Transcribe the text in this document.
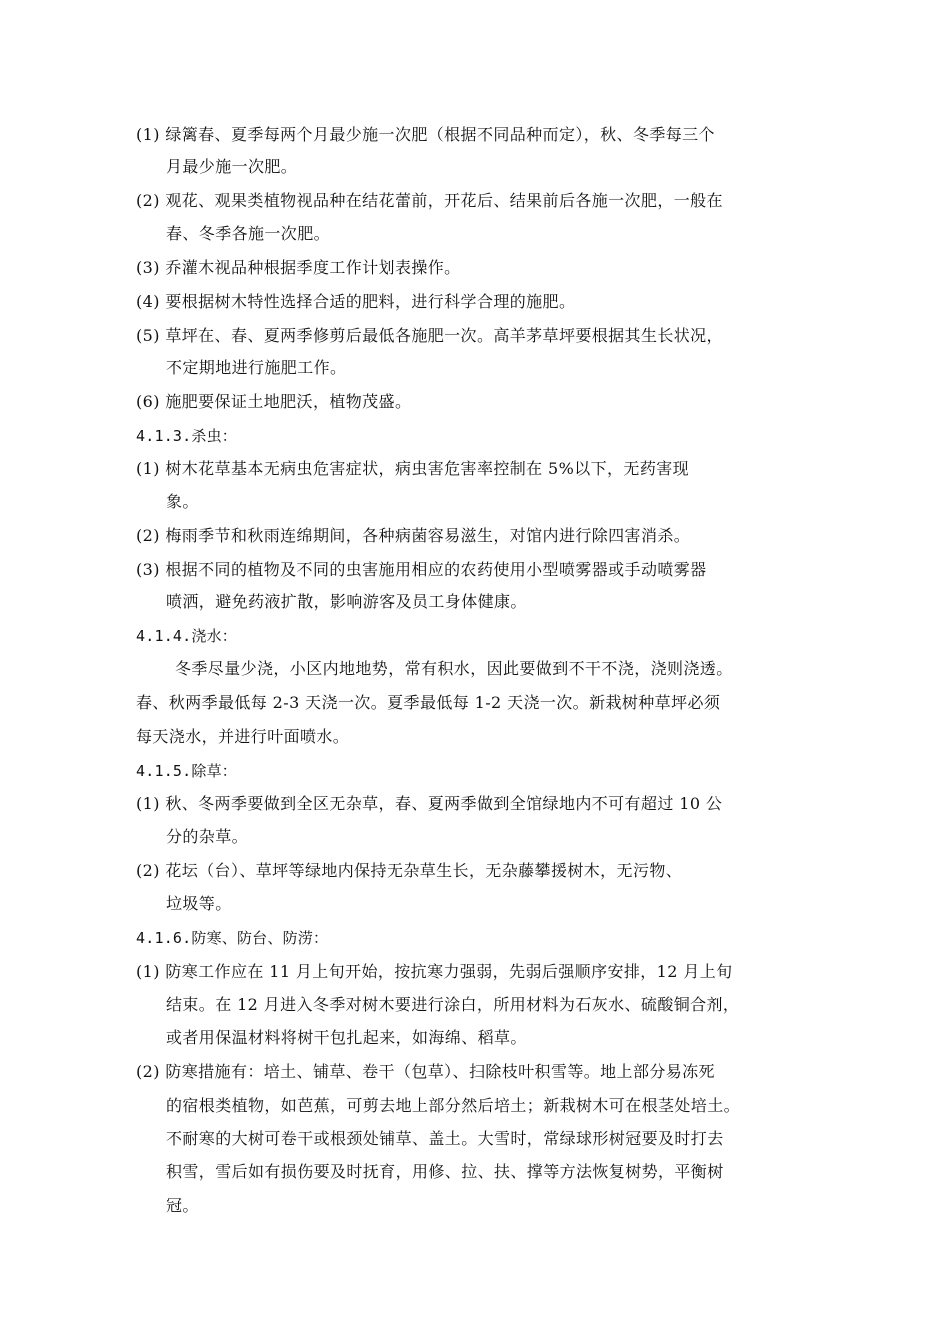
(1) 绿篱春、夏季每两个月最少施一次肥（根据不同品种而定），秋、冬季每三个
月最少施一次肥。
(2) 观花、观果类植物视品种在结花蕾前，开花后、结果前后各施一次肥，一般在
春、冬季各施一次肥。
(3) 乔灌木视品种根据季度工作计划表操作。
(4) 要根据树木特性选择合适的肥料，进行科学合理的施肥。
(5) 草坪在、春、夏两季修剪后最低各施肥一次。高羊茅草坪要根据其生长状况，
不定期地进行施肥工作。
(6) 施肥要保证土地肥沃，植物茂盛。
4.1.3.杀虫：
(1) 树木花草基本无病虫危害症状，病虫害危害率控制在 5%以下，无药害现
象。
(2) 梅雨季节和秋雨连绵期间，各种病菌容易滋生，对馆内进行除四害消杀。
(3) 根据不同的植物及不同的虫害施用相应的农药使用小型喷雾器或手动喷雾器
喷洒，避免药液扩散，影响游客及员工身体健康。
4.1.4.浇水：
冬季尽量少浇，小区内地地势，常有积水，因此要做到不干不浇，浇则浇透。
春、秋两季最低每 2-3 天浇一次。夏季最低每 1-2 天浇一次。新栽树种草坪必须
每天浇水，并进行叶面喷水。
4.1.5.除草：
(1) 秋、冬两季要做到全区无杂草，春、夏两季做到全馆绿地内不可有超过 10 公
分的杂草。
(2) 花坛（台）、草坪等绿地内保持无杂草生长，无杂藤攀援树木，无污物、
垃圾等。
4.1.6.防寒、防台、防涝：
(1) 防寒工作应在 11 月上旬开始，按抗寒力强弱，先弱后强顺序安排，12 月上旬
结束。在 12 月进入冬季对树木要进行涂白，所用材料为石灰水、硫酸铜合剂，
或者用保温材料将树干包扎起来，如海绵、稻草。
(2) 防寒措施有：培土、铺草、卷干（包草）、扫除枝叶积雪等。地上部分易冻死
的宿根类植物，如芭蕉，可剪去地上部分然后培土；新栽树木可在根茎处培土。
不耐寒的大树可卷干或根颈处铺草、盖土。大雪时，常绿球形树冠要及时打去
积雪，雪后如有损伤要及时抚育，用修、拉、扶、撑等方法恢复树势，平衡树
冠。
